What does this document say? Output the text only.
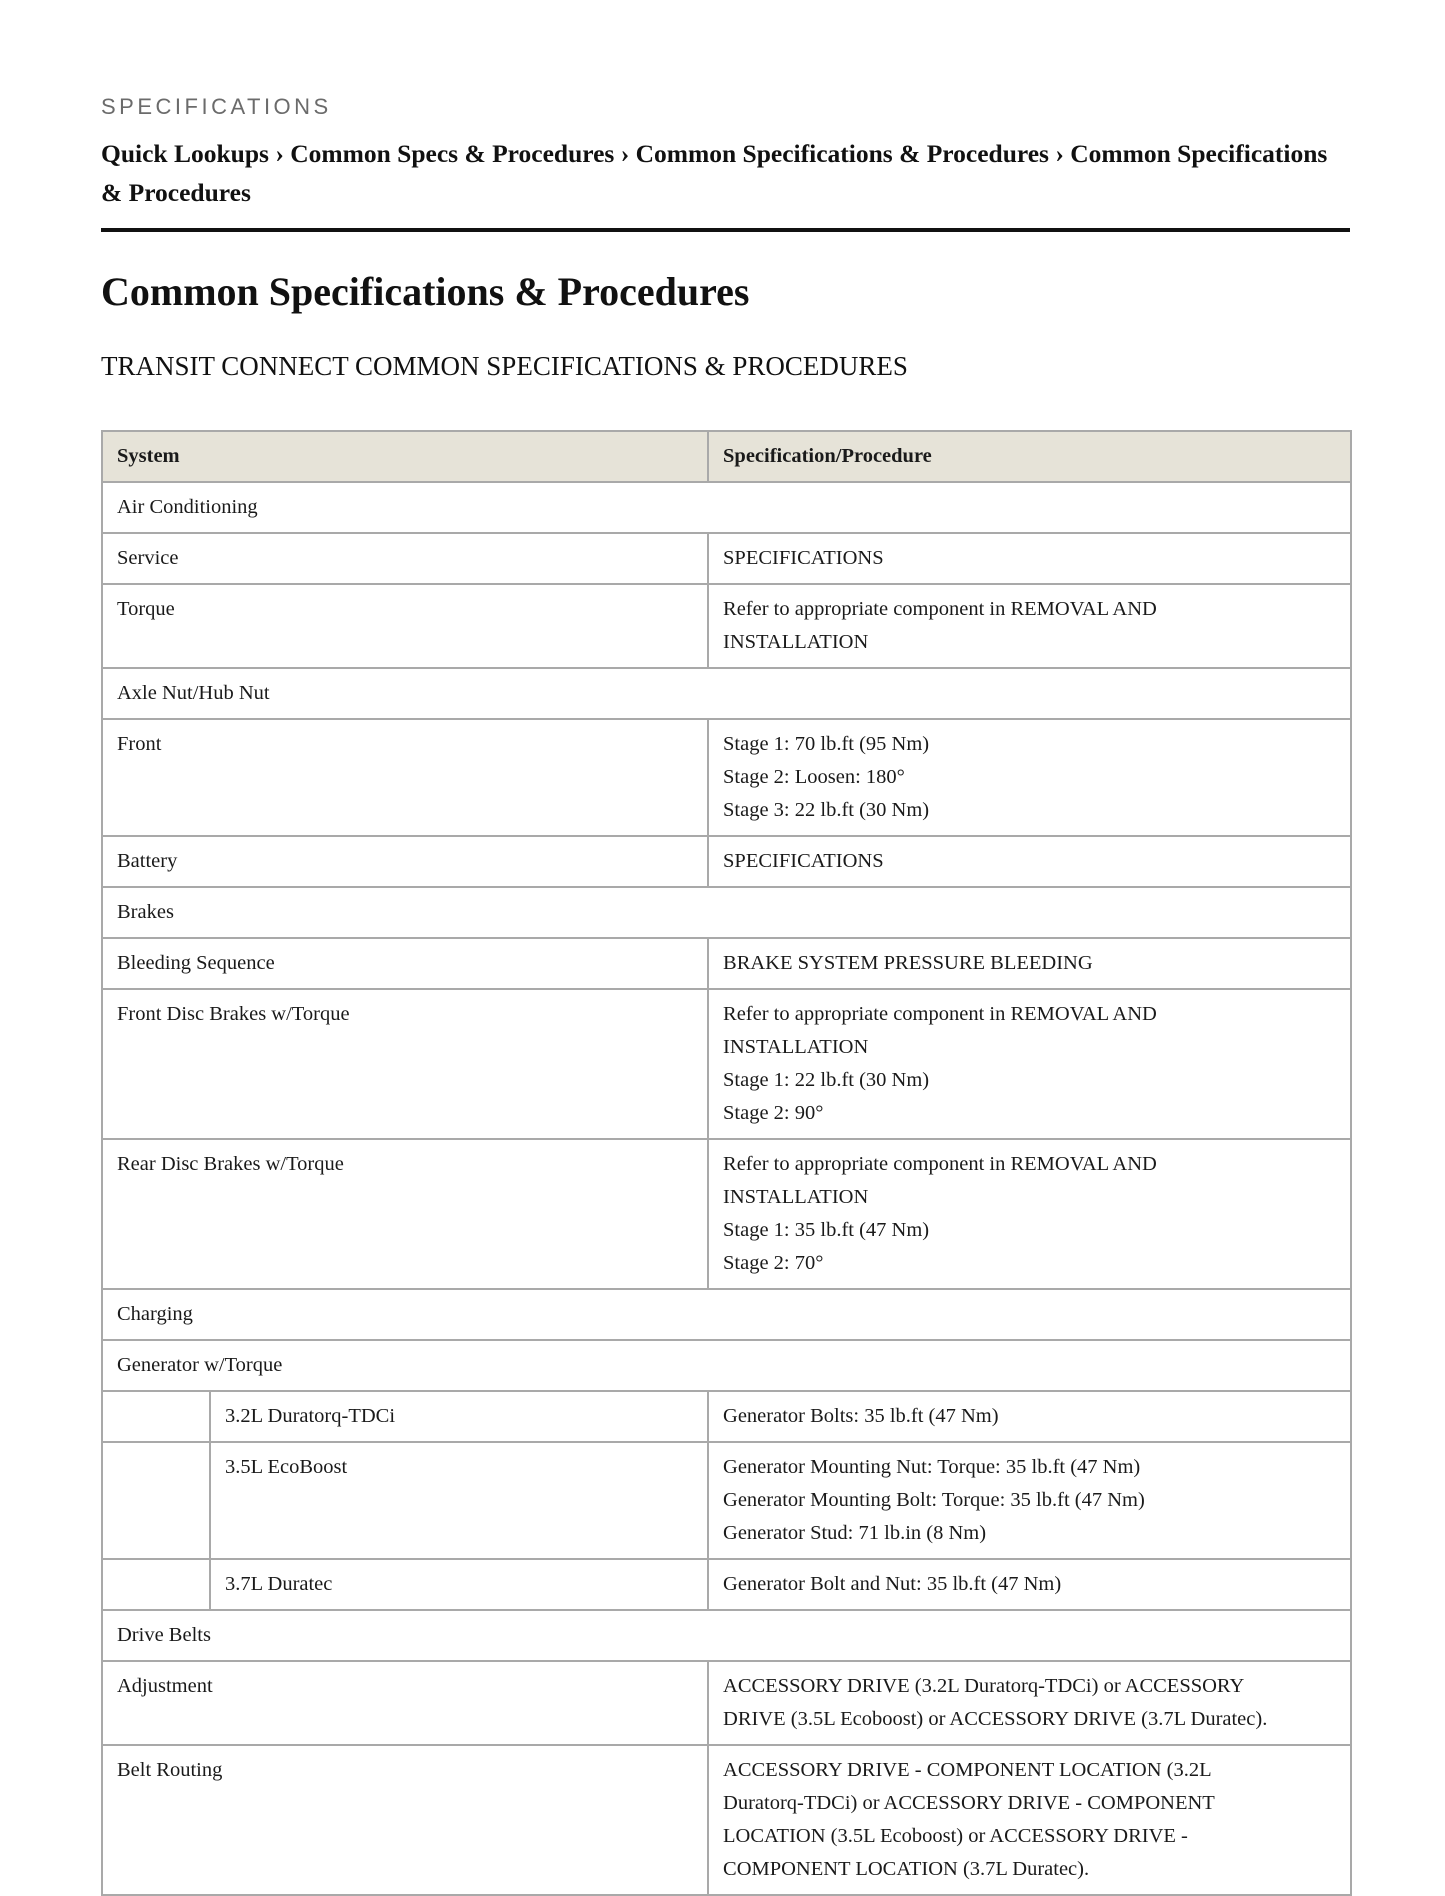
SPECIFICATIONS
Quick Lookups › Common Specs & Procedures › Common Specifications & Procedures › Common Specifications & Procedures
Common Specifications & Procedures
TRANSIT CONNECT COMMON SPECIFICATIONS & PROCEDURES
System		Specification/Procedure
Air Conditioning		
Service		SPECIFICATIONS

Torque		Refer to appropriate component in REMOVAL AND
INSTALLATION

Axle Nut/Hub Nut		
Front		Stage 1: 70 lb.ft (95 Nm)
Stage 2: Loosen: 180°
Stage 3: 22 lb.ft (30 Nm)

Battery		SPECIFICATIONS

Brakes		
Bleeding Sequence		BRAKE SYSTEM PRESSURE BLEEDING

Front Disc Brakes w/Torque		Refer to appropriate component in REMOVAL AND
INSTALLATION
Stage 1: 22 lb.ft (30 Nm)
Stage 2: 90°

Rear Disc Brakes w/Torque		Refer to appropriate component in REMOVAL AND
INSTALLATION
Stage 1: 35 lb.ft (47 Nm)
Stage 2: 70°

Charging		
Generator w/Torque		
	3.2L Duratorq-TDCi	Generator Bolts: 35 lb.ft (47 Nm)

	3.5L EcoBoost	Generator Mounting Nut: Torque: 35 lb.ft (47 Nm)
Generator Mounting Bolt: Torque: 35 lb.ft (47 Nm)
Generator Stud: 71 lb.in (8 Nm)

	3.7L Duratec	Generator Bolt and Nut: 35 lb.ft (47 Nm)

Drive Belts		
Adjustment		ACCESSORY DRIVE (3.2L Duratorq-TDCi) or ACCESSORY
DRIVE (3.5L Ecoboost) or ACCESSORY DRIVE (3.7L Duratec).

Belt Routing		ACCESSORY DRIVE - COMPONENT LOCATION (3.2L
Duratorq-TDCi) or ACCESSORY DRIVE - COMPONENT
LOCATION (3.5L Ecoboost) or ACCESSORY DRIVE -
COMPONENT LOCATION (3.7L Duratec).
